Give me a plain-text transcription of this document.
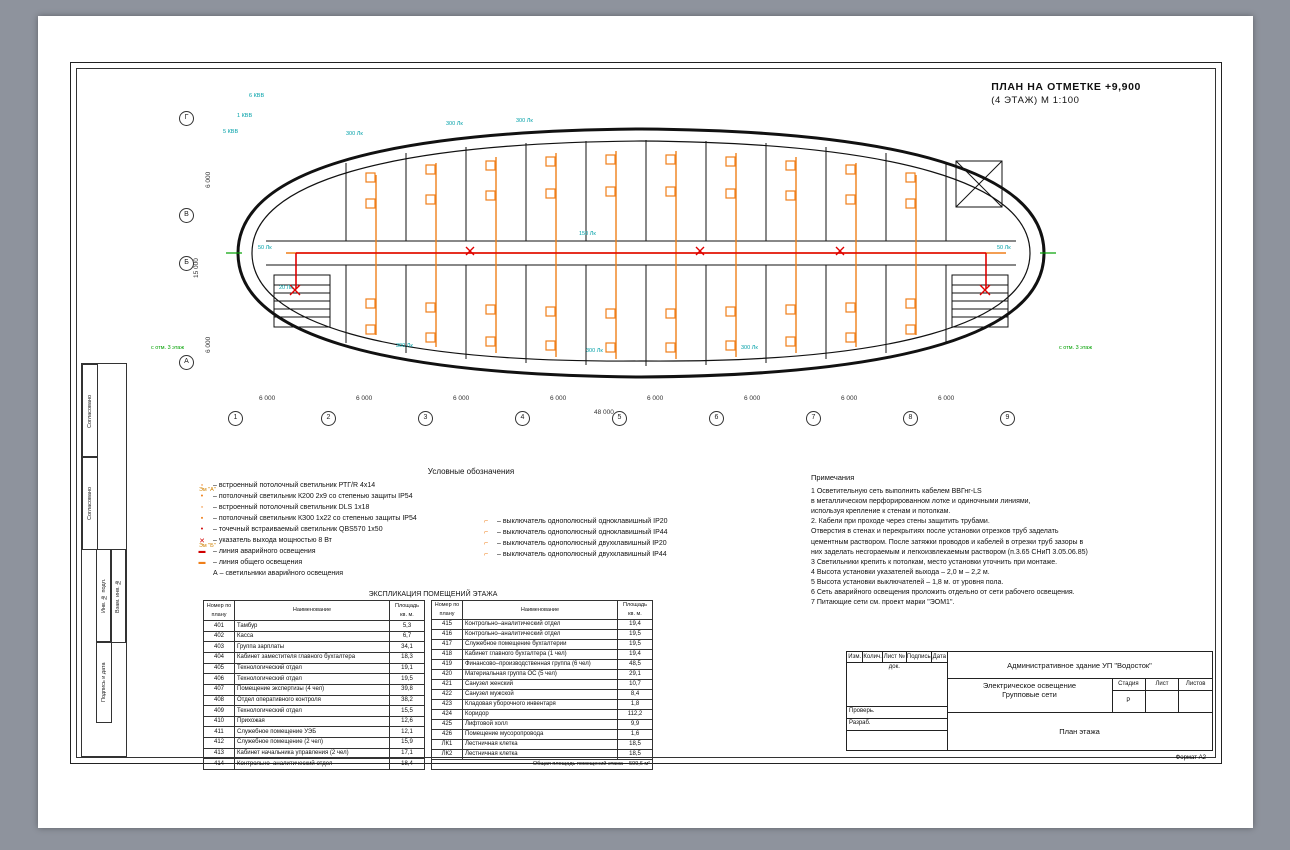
ПЛАН НА ОТМЕТКЕ +9,900
(4 ЭТАЖ) М 1:100
1	2	3	4	5	6	7	8	9
Г
В
Б
А
6 000	6 000	6 000	6 000	6 000	6 000	6 000	6 000
48 000
6 000
15 000
6 000
300 Лк
300 Лк	300 Лк
300 Лк
300 Лк	300 Лк
50 Лк	50 Лк
20 Лк
150 Лк
6 КВВ
1 КВВ
5 КВВ
с отм. 3 этаж	с отм. 3 этаж
Условные обозначения
▫	– встроенный потолочный светильник РТГ/R 4x14
•	– потолочный светильник К200 2x9 со степенью защиты IP54
▫	– встроенный потолочный светильник DLS 1x18
▪	– потолочный светильник КЗ00 1x22 со степенью защиты IP54
•	– точечный встраиваемый светильник QBS570 1x50
✕	– указатель выхода мощностью 8 Вт
▬	– линия аварийного освещения
▬	– линия общего освещения
А – светильники аварийного освещения
⌐	– выключатель однополюсный одноклавишный IP20
⌐	– выключатель однополюсный одноклавишный IP44
⌐	– выключатель однополюсный двухклавишный IP20
⌐	– выключатель однополюсный двухклавишный IP44
Примечания
1 Осветительную сеть выполнить кабелем ВВГнг-LS
в металлическом перфорированном лотке и одиночными линиями,
используя крепление к стенам и потолкам.
2. Кабели при проходе через стены защитить трубами.
Отверстия в стенах и перекрытиях после установки отрезков труб заделать
цементным раствором. После затяжки проводов и кабелей в отрезки труб зазоры в
них заделать несгораемым и легкоизвлекаемым раствором (п.3.65 СНиП 3.05.06.85)
3 Светильники крепить к потолкам, место установки уточнить при монтаже.
4 Высота установки указателей выхода – 2,0 м – 2,2 м.
5 Высота установки выключателей – 1,8 м. от уровня пола.
6 Сеть аварийного освещения проложить отдельно от сети рабочего освещения.
7 Питающие сети см. проект марки "ЭОМ1".
ЭКСПЛИКАЦИЯ ПОМЕЩЕНИЙ ЭТАЖА
Номер по плану	Наименование	Площадь кв. м.
401	Тамбур	5,3
402	Касса	6,7
403	Группа зарплаты	34,1
404	Кабинет заместителя главного бухгалтера	18,3
405	Технологический отдел	19,1
406	Технологический отдел	19,5
407	Помещение экспертизы (4 чел)	39,8
408	Отдел оперативного контроля	38,2
409	Технологический отдел	15,5
410	Прихожая	12,6
411	Служебное помещение УЭБ	12,1
412	Служебное помещение (2 чел)	15,9
413	Кабинет начальника управления (2 чел)	17,1
414	Контрольно–аналитический отдел	18,4
Номер по плану	Наименование	Площадь кв. м.
415	Контрольно–аналитический отдел	19,4
416	Контрольно–аналитический отдел	19,5
417	Служебное помещение бухгалтерии	19,5
418	Кабинет главного бухгалтера (1 чел)	19,4
419	Финансово–производственная группа (6 чел)	48,5
420	Материальная группа ОС (5 чел)	29,1
421	Санузел женский	10,7
422	Санузел мужской	8,4
423	Кладовая уборочного инвентаря	1,8
424	Коридор	112,2
425	Лифтовой холл	9,9
426	Помещение мусоропровода	1,6
ЛК1	Лестничная клетка	18,5
ЛК2	Лестничная клетка	18,5
Общая площадь помещений этажа – 599,6 м²		
Изм. Колич. Лист № док.
Подпись Дата
Проверь.
Разраб.
Административное здание УП "Водосток"
Электрическое освещение
Групповые сети
Стадия	Лист	Листов
Р
План этажа
Формат А2
Согласовано
Согласовано
Инв. № подл.
Подпись и дата
Взам. инв. №
Эм "А"
Эм "Б"
